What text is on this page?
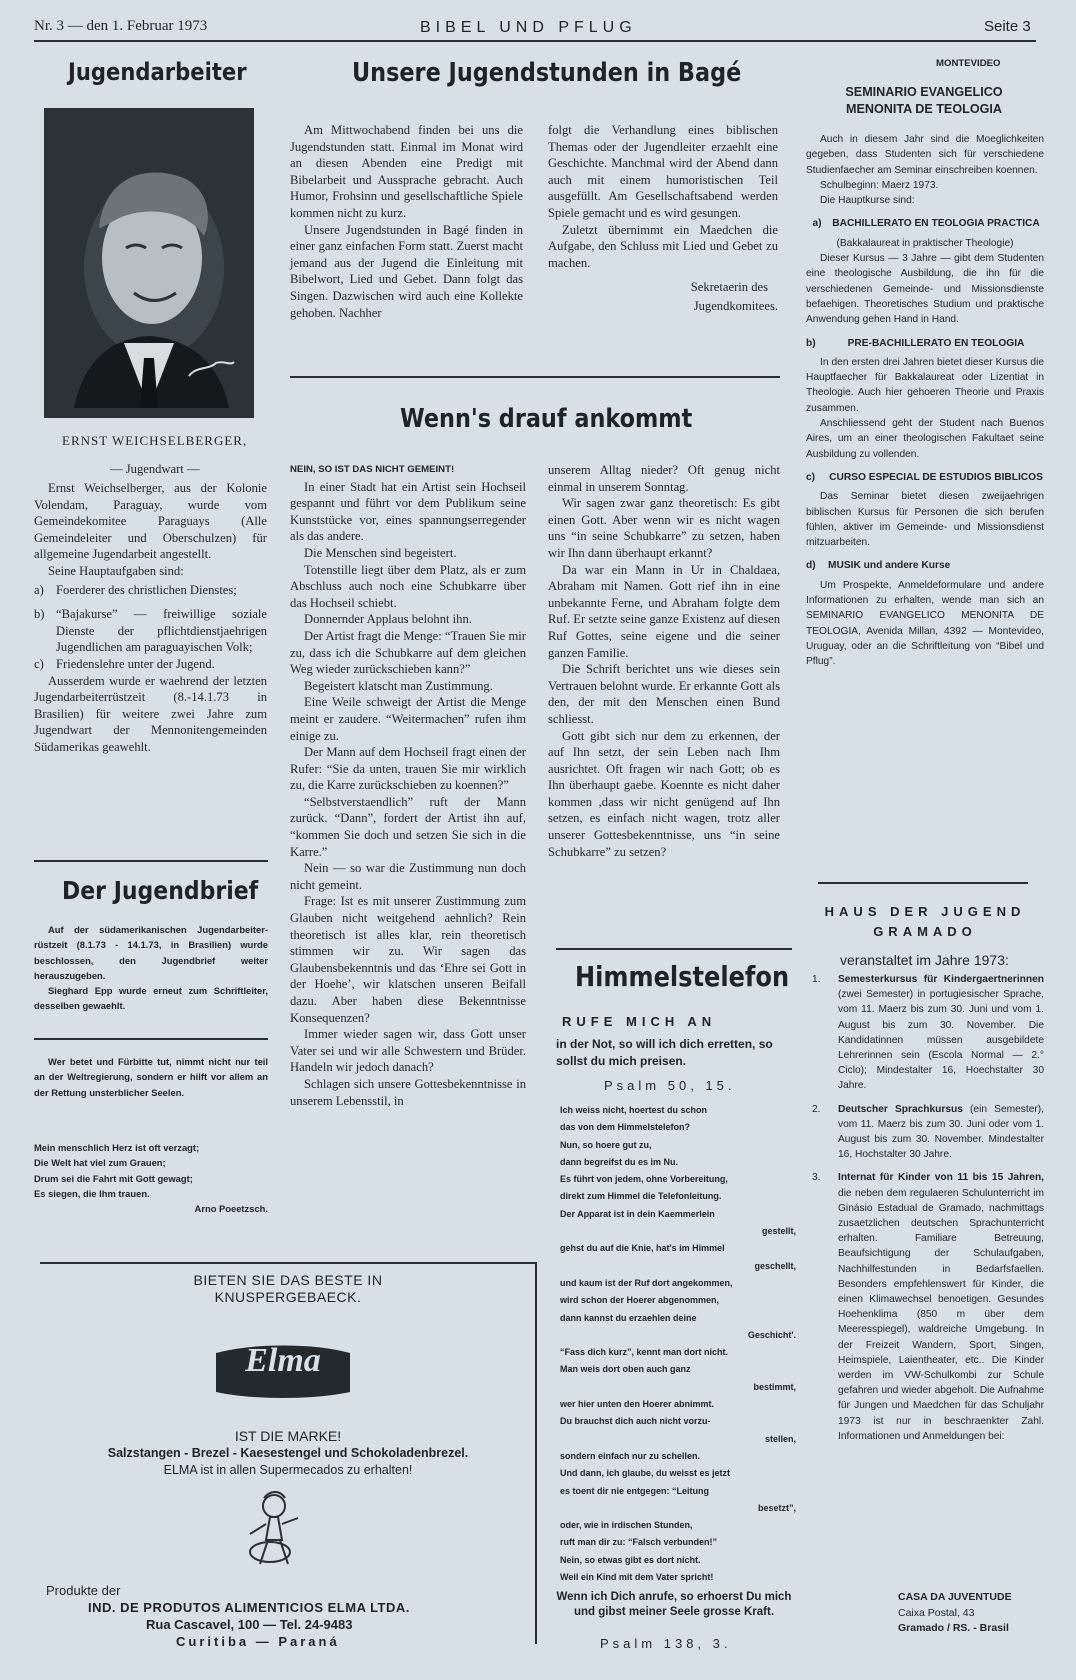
Nr. 3 — den 1. Februar 1973	BIBEL UND PFLUG	Seite 3
Jugendarbeiter
ERNST WEICHSELBERGER,
— Jugendwart —

Ernst Weichselberger, aus der Kolonie Volendam, Paraguay, wurde vom Gemeindekomitee Paraguays (Alle Gemeindeleiter und Oberschulzen) für allgemeine Jugendarbeit angestellt.

Seine Hauptaufgaben sind:

a) Foerderer des christlichen Dienstes;
b) “Bajakurse” — freiwillige soziale Dienste der pflichtdienstjaehrigen Jugendlichen am paraguayischen Volk;
c) Friedenslehre unter der Jugend.

Ausserdem wurde er waehrend der letzten Jugendarbeiterrüstzeit (8.-14.1.73 in Brasilien) für weitere zwei Jahre zum Jugendwart der Mennonitengemeinden Südamerikas geawehlt.

Der Jugendbrief

Auf der südamerikanischen Jugendarbeiter-rüstzeit (8.1.73 - 14.1.73, in Brasilien) wurde beschlossen, den Jugendbrief weiter herauszugeben.

Sieghard Epp wurde erneut zum Schriftleiter, desselben gewaehlt.

Wer betet und Fürbitte tut, nimmt nicht nur teil an der Weltregierung, sondern er hilft vor allem an der Rettung unsterblicher Seelen.

Mein menschlich Herz ist oft verzagt;

Die Welt hat viel zum Grauen;

Drum sei die Fahrt mit Gott gewagt;

Es siegen, die Ihm trauen.

Arno Poeetzsch.

Unsere Jugendstunden in Bagé

Am Mittwochabend finden bei uns die Jugendstunden statt. Einmal im Monat wird an diesen Abenden eine Predigt mit Bibelarbeit und Aussprache gebracht. Auch Humor, Frohsinn und gesellschaftliche Spiele kommen nicht zu kurz.

Unsere Jugendstunden in Bagé finden in einer ganz einfachen Form statt. Zuerst macht jemand aus der Jugend die Einleitung mit Bibelwort, Lied und Gebet. Dann folgt das Singen. Dazwischen wird auch eine Kollekte gehoben. Nachher

folgt die Verhandlung eines biblischen Themas oder der Jugendleiter erzaehlt eine Geschichte. Manchmal wird der Abend dann auch mit einem humoristischen Teil ausgefüllt. Am Gesellschaftsabend werden Spiele gemacht und es wird gesungen.

Zuletzt übernimmt ein Maedchen die Aufgabe, den Schluss mit Lied und Gebet zu machen.

Sekretaerin des

Jugendkomitees.

Wenn's drauf ankommt

NEIN, SO IST DAS NICHT GEMEINT!

In einer Stadt hat ein Artist sein Hochseil gespannt und führt vor dem Publikum seine Kunststücke vor, eines spannungserregender als das andere.

Die Menschen sind begeistert.

Totenstille liegt über dem Platz, als er zum Abschluss auch noch eine Schubkarre über das Hochseil schiebt.

Donnernder Applaus belohnt ihn.

Der Artist fragt die Menge: “Trauen Sie mir zu, dass ich die Schubkarre auf dem gleichen Weg wieder zurückschieben kann?”

Begeistert klatscht man Zustimmung.

Eine Weile schweigt der Artist die Menge meint er zaudere. “Weitermachen” rufen ihm einige zu.

Der Mann auf dem Hochseil fragt einen der Rufer: “Sie da unten, trauen Sie mir wirklich zu, die Karre zurückschieben zu koennen?”

“Selbstverstaendlich” ruft der Mann zurück. “Dann”, fordert der Artist ihn auf, “kommen Sie doch und setzen Sie sich in die Karre.”

Nein — so war die Zustimmung nun doch nicht gemeint.

Frage: Ist es mit unserer Zustimmung zum Glauben nicht weitgehend aehnlich? Rein theoretisch ist alles klar, rein theoretisch stimmen wir zu. Wir sagen das Glaubensbekenntnis und das ‘Ehre sei Gott in der Hoehe’, wir klatschen unseren Beifall dazu. Aber haben diese Bekenntnisse Konsequenzen?

Immer wieder sagen wir, dass Gott unser Vater sei und wir alle Schwestern und Brüder. Handeln wir jedoch danach?

Schlagen sich unsere Gottesbekenntnisse in unserem Lebensstil, in

unserem Alltag nieder? Oft genug nicht einmal in unserem Sonntag.

Wir sagen zwar ganz theoretisch: Es gibt einen Gott. Aber wenn wir es nicht wagen uns “in seine Schubkarre” zu setzen, haben wir Ihn dann überhaupt erkannt?

Da war ein Mann in Ur in Chaldaea, Abraham mit Namen. Gott rief ihn in eine unbekannte Ferne, und Abraham folgte dem Ruf. Er setzte seine ganze Existenz auf diesen Ruf Gottes, seine eigene und die seiner ganzen Familie.

Die Schrift berichtet uns wie dieses sein Vertrauen belohnt wurde. Er erkannte Gott als den, der mit den Menschen einen Bund schliesst.

Gott gibt sich nur dem zu erkennen, der auf Ihn setzt, der sein Leben nach Ihm ausrichtet. Oft fragen wir nach Gott; ob es Ihn überhaupt gaebe. Koennte es nicht daher kommen ,dass wir nicht genügend auf Ihn setzen, es einfach nicht wagen, trotz aller unserer Gottesbekenntnisse, uns “in seine Schubkarre” zu setzen?

Himmelstelefon
RUFE MICH AN
in der Not, so will ich dich erretten, so sollst du mich preisen.
Psalm 50, 15.

Ich weiss nicht, hoertest du schon

das von dem Himmelstelefon?

Nun, so hoere gut zu,

dann begreifst du es im Nu.

Es führt von jedem, ohne Vorbereitung,

direkt zum Himmel die Telefonleitung.

Der Apparat ist in dein Kaemmerlein

gestellt,

gehst du auf die Knie, hat's im Himmel

geschellt,

und kaum ist der Ruf dort angekommen,

wird schon der Hoerer abgenommen,

dann kannst du erzaehlen deine

Geschicht'.

“Fass dich kurz”, kennt man dort nicht.

Man weis dort oben auch ganz

bestimmt,

wer hier unten den Hoerer abnimmt.

Du brauchst dich auch nicht vorzu-

stellen,

sondern einfach nur zu schellen.

Und dann, ich glaube, du weisst es jetzt

es toent dir nie entgegen: “Leitung

besetzt”,

oder, wie in irdischen Stunden,

ruft man dir zu: “Falsch verbunden!”

Nein, so etwas gibt es dort nicht.

Weil ein Kind mit dem Vater spricht!

Wenn ich Dich anrufe, so erhoerst Du mich und gibst meiner Seele grosse Kraft.
Psalm 138, 3.

BIETEN SIE DAS BESTE IN

KNUSPERGEBAECK.

Elma

IST DIE MARKE!

Salzstangen - Brezel - Kaesestengel und Schokoladenbrezel.

ELMA ist in allen Supermecados zu erhalten!

Produkte der

IND. DE PRODUTOS ALIMENTICIOS ELMA LTDA.

Rua Cascavel, 100 — Tel. 24-9483

Curitiba — Paraná

MONTEVIDEO

SEMINARIO EVANGELICO

MENONITA DE TEOLOGIA

Auch in diesem Jahr sind die Moeglichkeiten gegeben, dass Studenten sich für verschiedene Studienfaecher am Seminar einschreiben koennen.

Schulbeginn: Maerz 1973.

Die Hauptkurse sind:

a)	BACHILLERATO EN TEOLOGIA PRACTICA

(Bakkalaureat in praktischer Theologie)

Dieser Kursus — 3 Jahre — gibt dem Studenten eine theologische Ausbildung, die ihn für die verschiedenen Gemeinde- und Missionsdienste befaehigen. Theoretisches Studium und praktische Anwendung gehen Hand in Hand.

b)	PRE-BACHILLERATO EN TEOLOGIA

In den ersten drei Jahren bietet dieser Kursus die Hauptfaecher für Bakkalaureat oder Lizentiat in Theologie. Auch hier gehoeren Theorie und Praxis zusammen.

Anschliessend geht der Student nach Buenos Aires, um an einer theologischen Fakultaet seine Ausbildung zu vollenden.

c)	CURSO ESPECIAL DE ESTUDIOS BIBLICOS

Das Seminar bietet diesen zweijaehrigen biblischen Kursus für Personen die sich berufen fühlen, aktiver im Gemeinde- und Missionsdienst mitzuarbeiten.

d)	MUSIK und andere Kurse

Um Prospekte, Anmeldeformulare und andere Informationen zu erhalten, wende man sich an SEMINARIO EVANGELICO MENONITA DE TEOLOGIA, Avenida Millan, 4392 — Montevideo, Uruguay, oder an die Schriftleitung von “Bibel und Pflug”.

HAUS DER JUGEND

GRAMADO

veranstaltet im Jahre 1973:
1.	Semesterkursus für Kindergaertnerinnen (zwei Semester) in portugiesischer Sprache, vom 11. Maerz bis zum 30. Juni und vom 1. August bis zum 30. November. Die Kandidatinnen müssen ausgebildete Lehrerinnen sein (Escola Normal — 2.° Ciclo); Mindestalter 16, Hoechstalter 30 Jahre.
2.	Deutscher Sprachkursus (ein Semester), vom 11. Maerz bis zum 30. Juni oder vom 1. August bis zum 30. November. Mindestalter 16, Hochstalter 30 Jahre.
3.	Internat für Kinder von 11 bis 15 Jahren, die neben dem regulaeren Schulunterricht im Ginásio Estadual de Gramado, nachmittags zusaetzlichen deutschen Sprachunterricht erhalten. Familiare Betreuung, Beaufsichtigung der Schulaufgaben, Nachhilfestunden in Bedarfsfaellen. Besonders empfehlenswert für Kinder, die einen Klimawechsel benoetigen. Gesundes Hoehenklima (850 m über dem Meeresspiegel), waldreiche Umgebung. In der Freizeit Wandern, Sport, Singen, Heimspiele, Laientheater, etc.. Die Kinder werden im VW-Schulkombi zur Schule gefahren und wieder abgeholt. Die Aufnahme für Jungen und Maedchen für das Schuljahr 1973 ist nur in beschraenkter Zahl. Informationen und Anmeldungen bei:

CASA DA JUVENTUDE

Caixa Postal, 43

Gramado / RS. - Brasil
